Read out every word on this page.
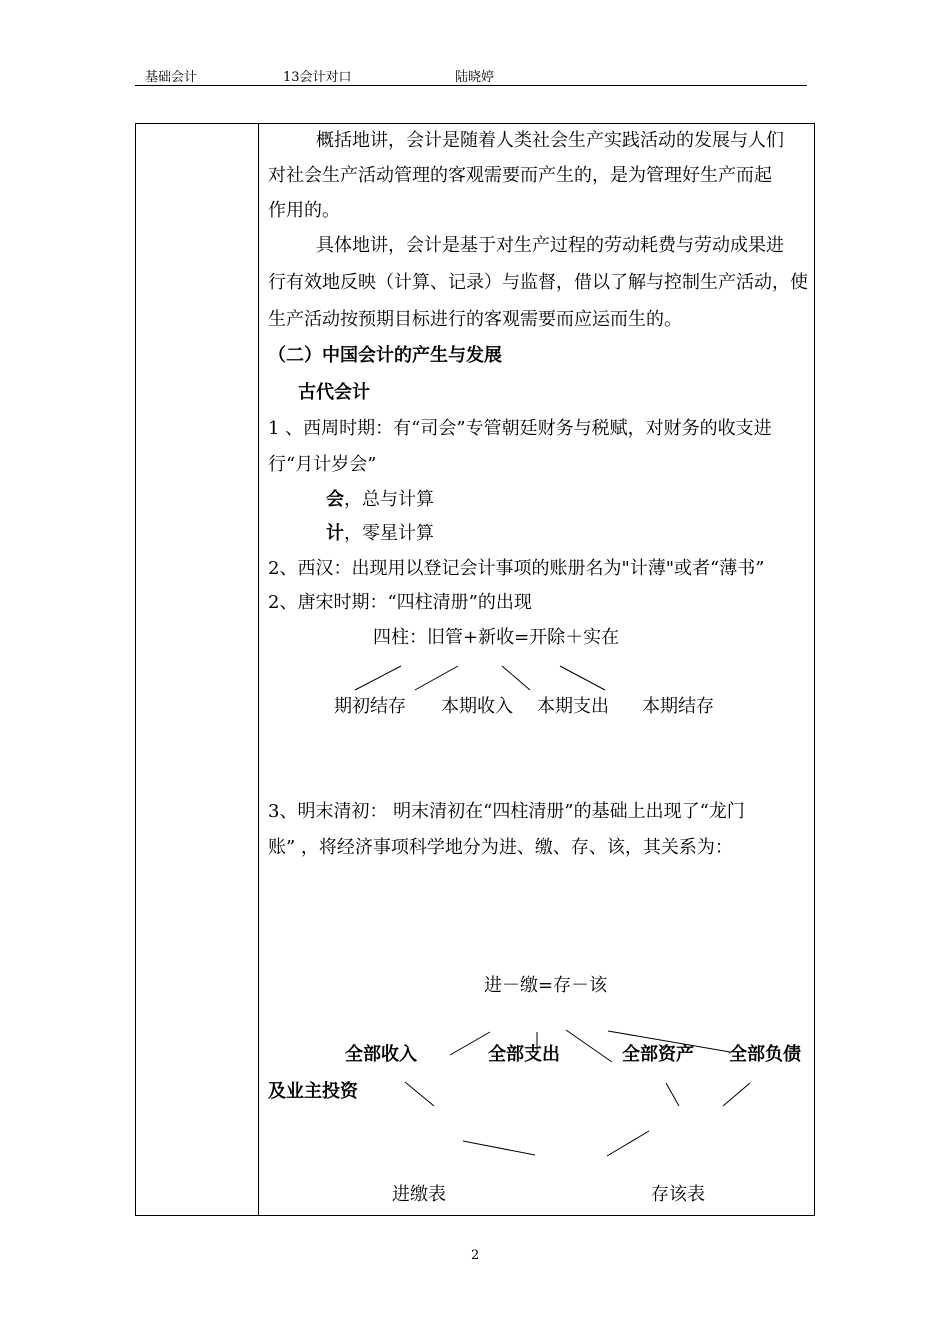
基础会计	13会计对口	陆晓婷
概括地讲，会计是随着人类社会生产实践活动的发展与人们
对社会生产活动管理的客观需要而产生的，是为管理好生产而起
作用的。
具体地讲，会计是基于对生产过程的劳动耗费与劳动成果进
行有效地反映（计算、记录）与监督，借以了解与控制生产活动，使
生产活动按预期目标进行的客观需要而应运而生的。
（二）中国会计的产生与发展
古代会计
1 、西周时期：有“司会”专管朝廷财务与税赋，对财务的收支进
行“月计岁会”
会，总与计算
计，零星计算
2、西汉：出现用以登记会计事项的账册名为"计薄"或者“薄书”
2、唐宋时期：“四柱清册”的出现
四柱：旧管+新收=开除＋实在
期初结存 本期收入 本期支出 本期结存
3、明末清初： 明末清初在“四柱清册”的基础上出现了“龙门
账” ，将经济事项科学地分为进、缴、存、该，其关系为：
进－缴=存－该
全部收入	全部支出	全部资产 全部负债
及业主投资
进缴表	存该表
2
